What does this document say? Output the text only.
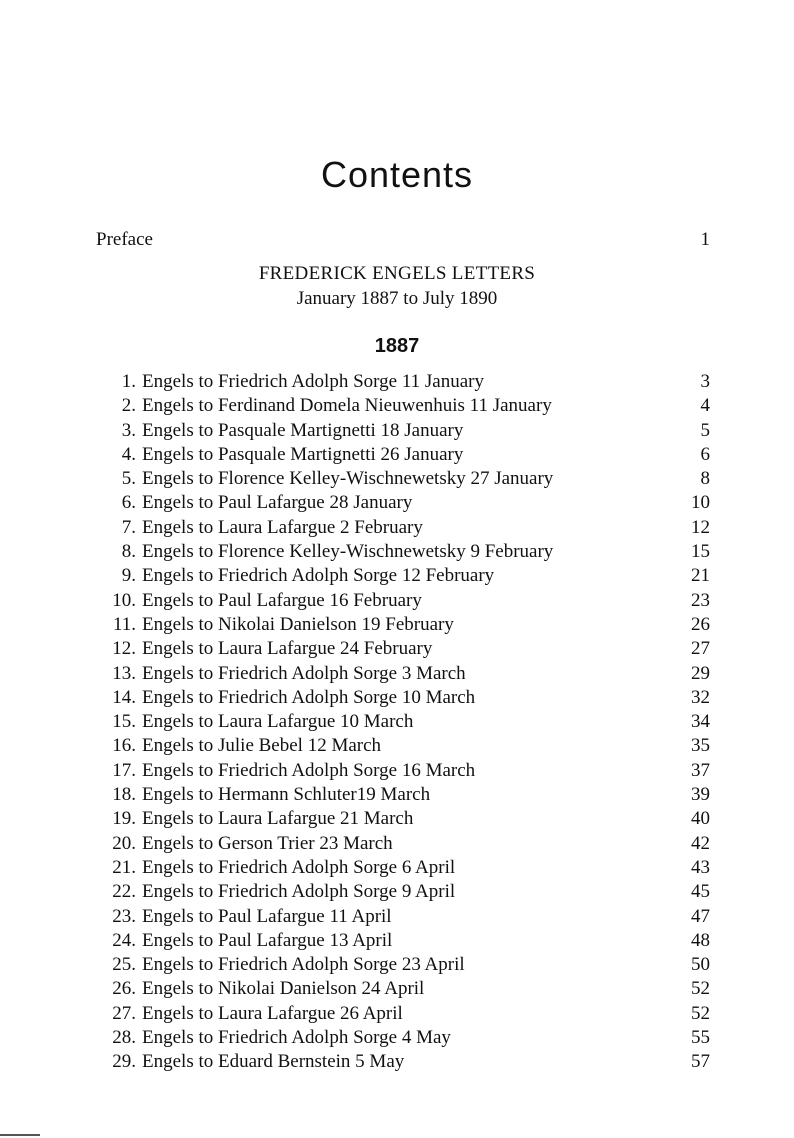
Contents
Preface	1
FREDERICK ENGELS LETTERS
January 1887 to July 1890
1887
1. Engels to Friedrich Adolph Sorge 11 January	3
2. Engels to Ferdinand Domela Nieuwenhuis 11 January	4
3. Engels to Pasquale Martignetti 18 January	5
4. Engels to Pasquale Martignetti 26 January	6
5. Engels to Florence Kelley-Wischnewetsky 27 January	8
6. Engels to Paul Lafargue 28 January	10
7. Engels to Laura Lafargue 2 February	12
8. Engels to Florence Kelley-Wischnewetsky 9 February	15
9. Engels to Friedrich Adolph Sorge 12 February	21
10. Engels to Paul Lafargue 16 February	23
11. Engels to Nikolai Danielson 19 February	26
12. Engels to Laura Lafargue 24 February	27
13. Engels to Friedrich Adolph Sorge 3 March	29
14. Engels to Friedrich Adolph Sorge 10 March	32
15. Engels to Laura Lafargue 10 March	34
16. Engels to Julie Bebel 12 March	35
17. Engels to Friedrich Adolph Sorge 16 March	37
18. Engels to Hermann Schluter19 March	39
19. Engels to Laura Lafargue 21 March	40
20. Engels to Gerson Trier 23 March	42
21. Engels to Friedrich Adolph Sorge 6 April	43
22. Engels to Friedrich Adolph Sorge 9 April	45
23. Engels to Paul Lafargue 11 April	47
24. Engels to Paul Lafargue 13 April	48
25. Engels to Friedrich Adolph Sorge 23 April	50
26. Engels to Nikolai Danielson 24 April	52
27. Engels to Laura Lafargue 26 April	52
28. Engels to Friedrich Adolph Sorge 4 May	55
29. Engels to Eduard Bernstein 5 May	57
